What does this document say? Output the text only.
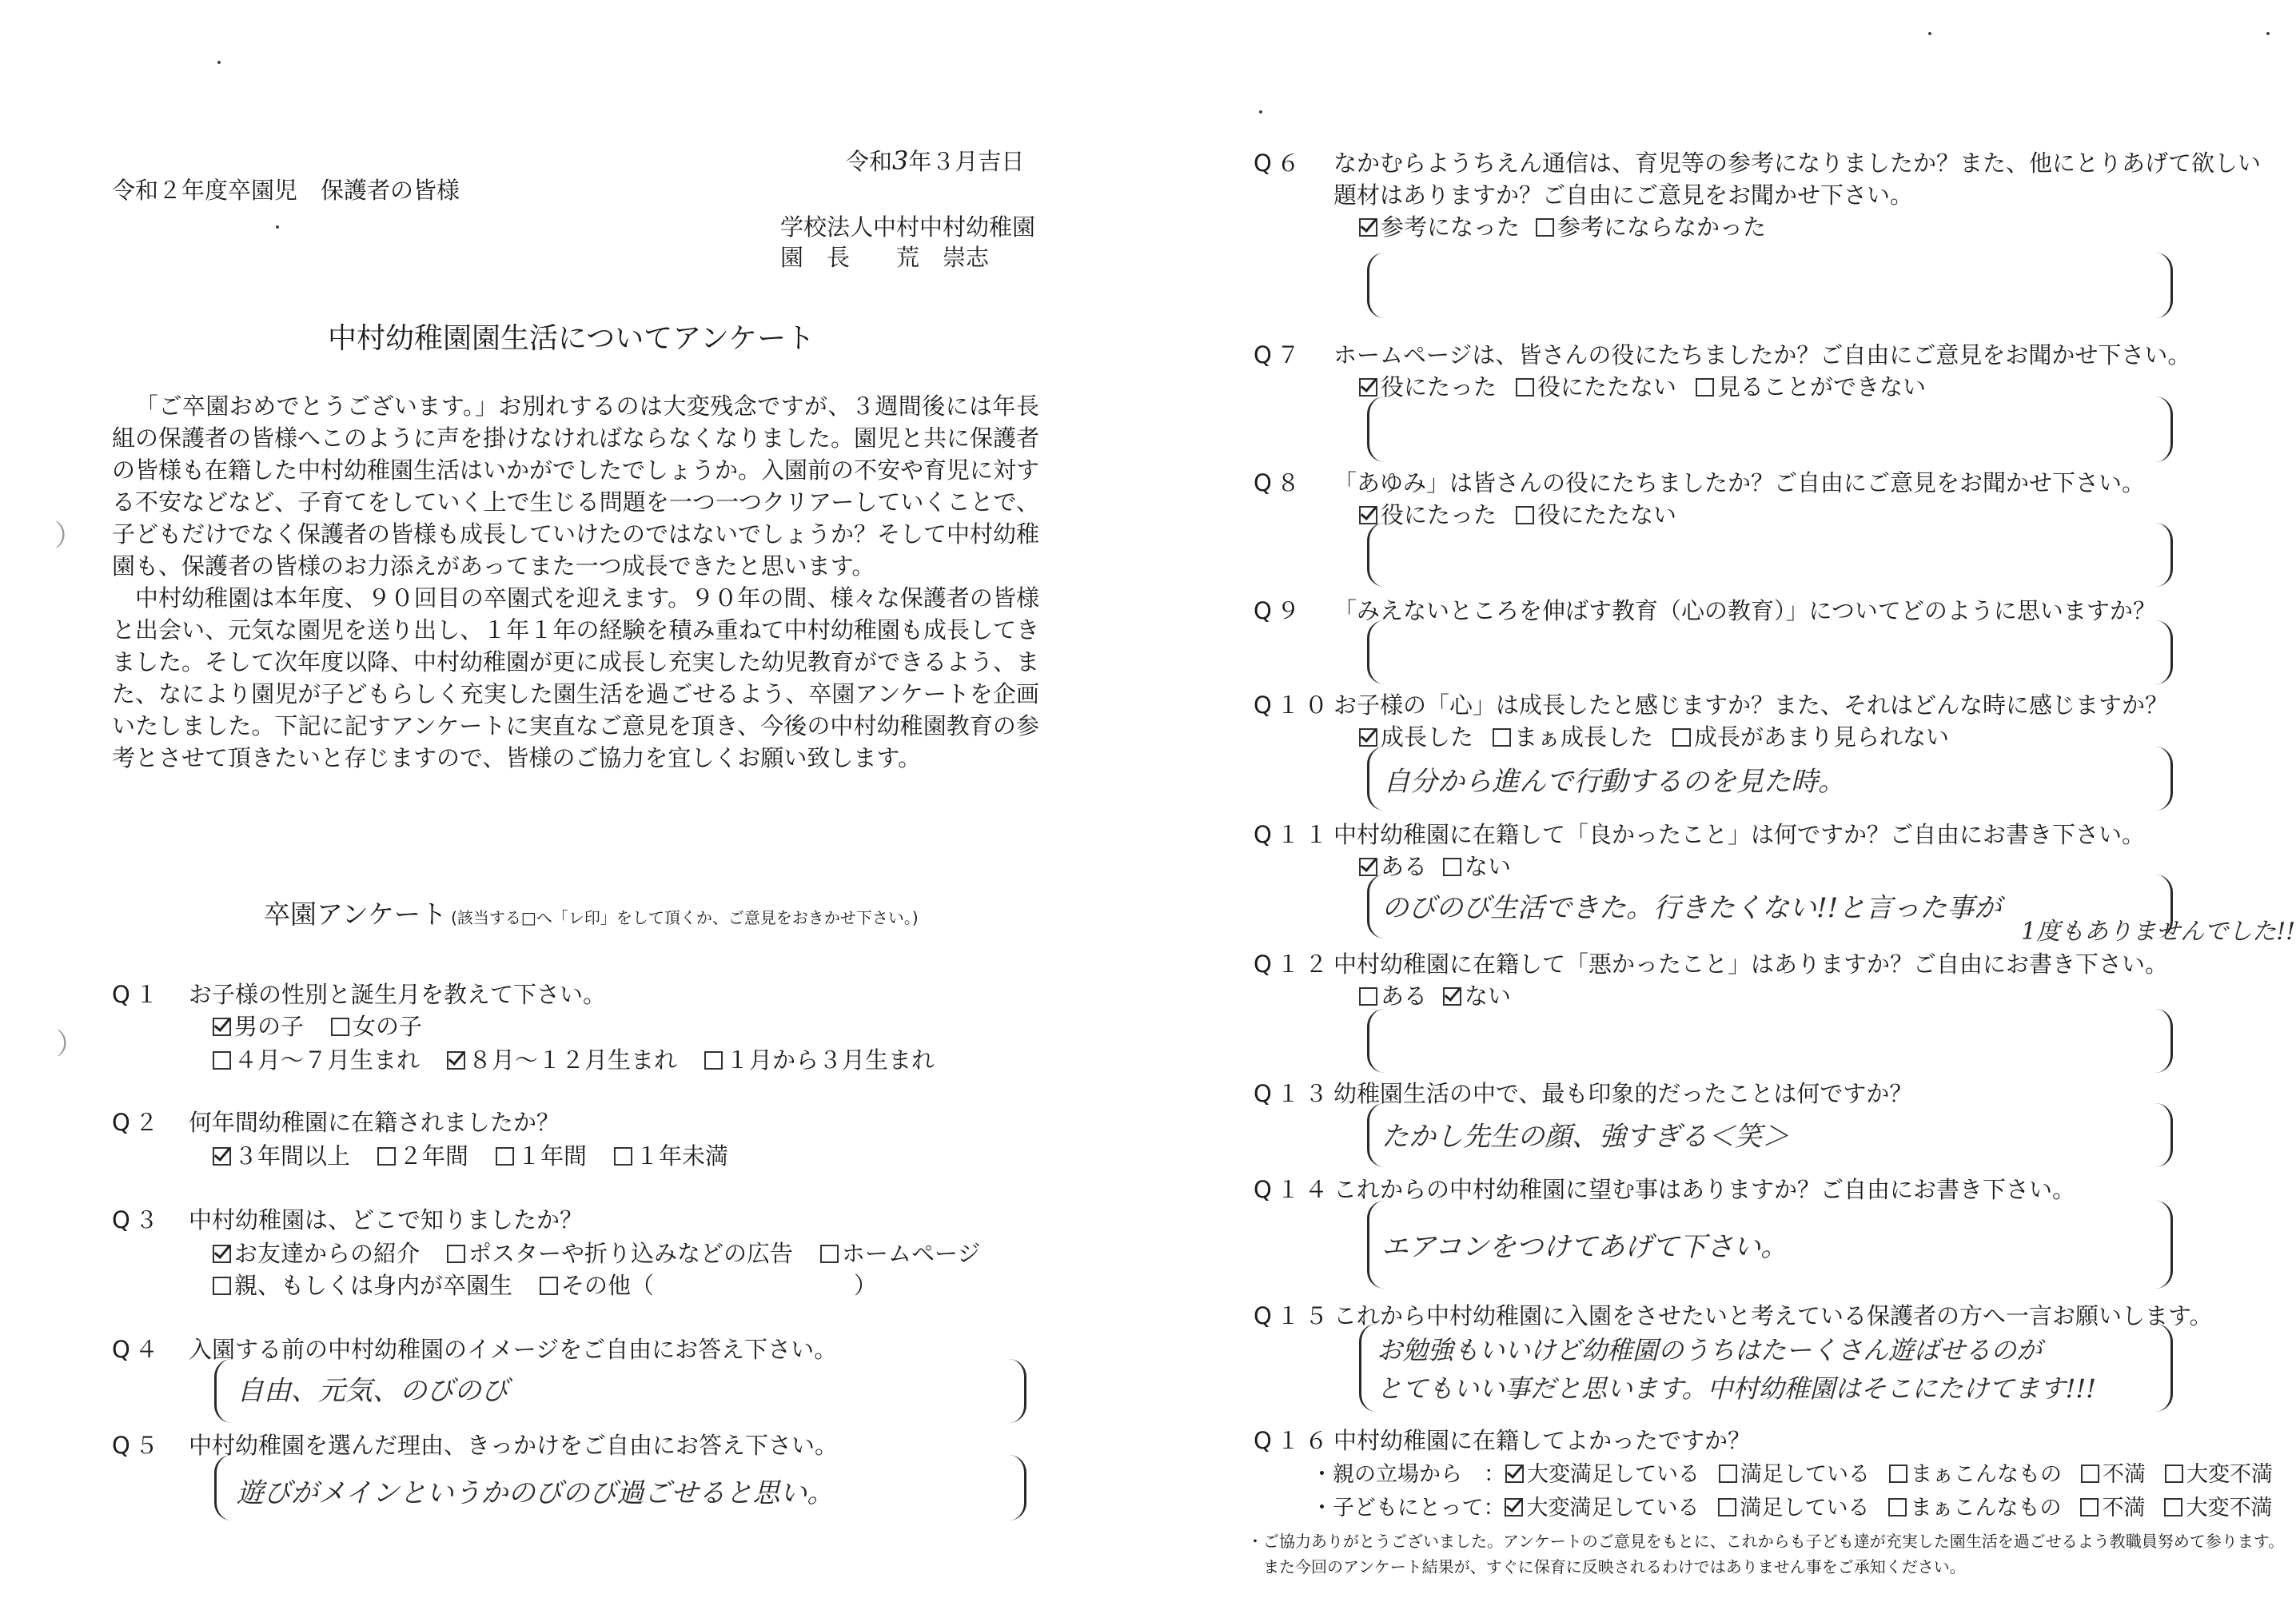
令和２年度卒園児　保護者の皆様
令和3年３月吉日
学校法人中村中村幼稚園
園　長　　荒　崇志
中村幼稚園園生活についてアンケート

「ご卒園おめでとうございます。」お別れするのは大変残念ですが、３週間後には年長組の保護者の皆様へこのように声を掛けなければならなくなりました。園児と共に保護者の皆様も在籍した中村幼稚園生活はいかがでしたでしょうか。入園前の不安や育児に対する不安などなど、子育てをしていく上で生じる問題を一つ一つクリアーしていくことで、子どもだけでなく保護者の皆様も成長していけたのではないでしょうか？そして中村幼稚園も、保護者の皆様のお力添えがあってまた一つ成長できたと思います。

中村幼稚園は本年度、９０回目の卒園式を迎えます。９０年の間、様々な保護者の皆様と出会い、元気な園児を送り出し、１年１年の経験を積み重ねて中村幼稚園も成長してきました。そして次年度以降、中村幼稚園が更に成長し充実した幼児教育ができるよう、また、なにより園児が子どもらしく充実した園生活を過ごせるよう、卒園アンケートを企画いたしました。下記に記すアンケートに実直なご意見を頂き、今後の中村幼稚園教育の参考とさせて頂きたいと存じますので、皆様のご協力を宜しくお願い致します。

卒園アンケート (該当する□へ「レ印」をして頂くか、ご意見をおきかせ下さい。)
Q１ お子様の性別と誕生月を教えて下さい。
男の子 女の子
４月～７月生まれ ８月～１２月生まれ １月から３月生まれ
Q２ 何年間幼稚園に在籍されましたか？
３年間以上 ２年間 １年間 １年未満
Q３ 中村幼稚園は、どこで知りましたか？
お友達からの紹介 ポスターや折り込みなどの広告 ホームページ
親、もしくは身内が卒園生 その他（	）
Q４ 入園する前の中村幼稚園のイメージをご自由にお答え下さい。
自由、元気、のびのび
Q５ 中村幼稚園を選んだ理由、きっかけをご自由にお答え下さい。
遊びがメインというかのびのび過ごせると思い。
Q６ なかむらようちえん通信は、育児等の参考になりましたか？また、他にとりあげて欲しい
題材はありますか？ご自由にご意見をお聞かせ下さい。
参考になった 参考にならなかった
Q７ ホームページは、皆さんの役にたちましたか？ご自由にご意見をお聞かせ下さい。
役にたった 役にたたない 見ることができない
Q８ 「あゆみ」は皆さんの役にたちましたか？ご自由にご意見をお聞かせ下さい。
役にたった 役にたたない
Q９ 「みえないところを伸ばす教育（心の教育）」についてどのように思いますか？
Q１０ お子様の「心」は成長したと感じますか？また、それはどんな時に感じますか？
成長した まぁ成長した 成長があまり見られない
自分から進んで行動するのを見た時。
Q１１ 中村幼稚園に在籍して「良かったこと」は何ですか？ご自由にお書き下さい。
ある ない
のびのび生活できた。行きたくない!!と言った事が
1度もありませんでした!!
Q１２ 中村幼稚園に在籍して「悪かったこと」はありますか？ご自由にお書き下さい。
ある ない
Q１３ 幼稚園生活の中で、最も印象的だったことは何ですか？
たかし先生の顔、強すぎる＜笑＞
Q１４ これからの中村幼稚園に望む事はありますか？ご自由にお書き下さい。
エアコンをつけてあげて下さい。
Q１５ これから中村幼稚園に入園をさせたいと考えている保護者の方へ一言お願いします。
お勉強もいいけど幼稚園のうちはたーくさん遊ばせるのが
とてもいい事だと思います。中村幼稚園はそこにたけてます!!!
Q１６ 中村幼稚園に在籍してよかったですか？
・親の立場から　： 大変満足している 満足している まぁこんなもの 不満 大変不満
・子どもにとって： 大変満足している 満足している まぁこんなもの 不満 大変不満
・ご協力ありがとうございました。アンケートのご意見をもとに、これからも子ども達が充実した園生活を過ごせるよう教職員努めて参ります。
　また今回のアンケート結果が、すぐに保育に反映されるわけではありません事をご承知ください。
）
）
